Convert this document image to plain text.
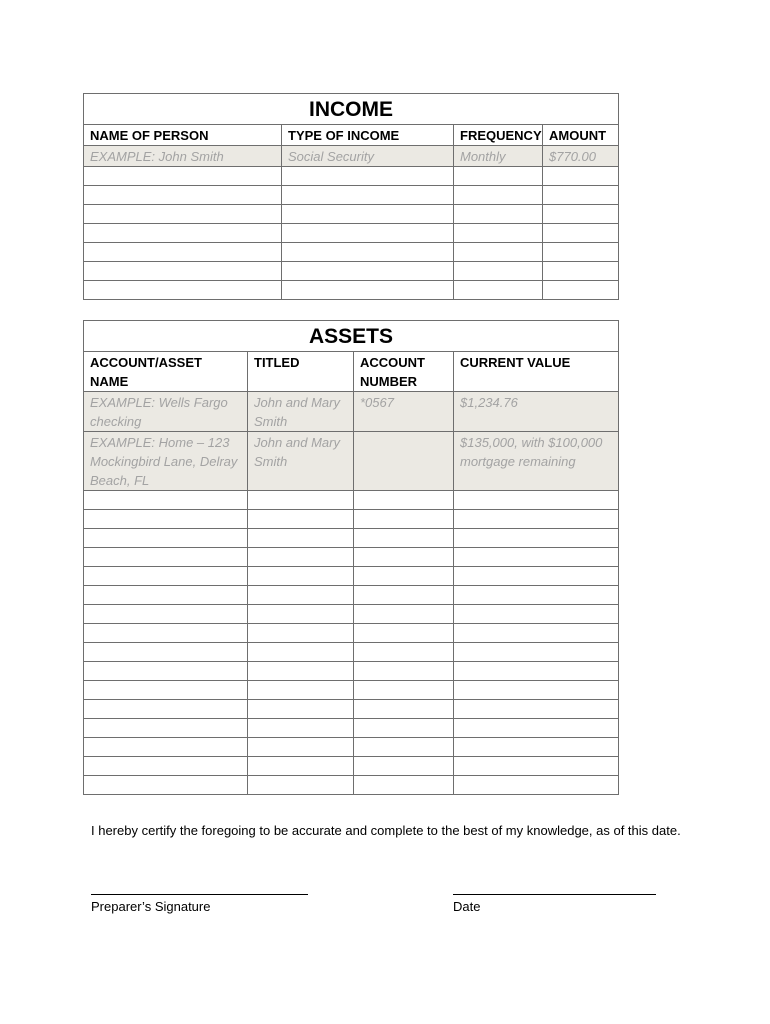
INCOME			
NAME OF PERSON	TYPE OF INCOME	FREQUENCY	AMOUNT
EXAMPLE: John Smith	Social Security	Monthly	$770.00

ASSETS			
ACCOUNT/ASSET NAME	TITLED	ACCOUNT NUMBER	CURRENT VALUE
EXAMPLE: Wells Fargo checking	John and Mary Smith	*0567	$1,234.76
EXAMPLE: Home – 123 Mockingbird Lane, Delray Beach, FL	John and Mary Smith		$135,000, with $100,000 mortgage remaining

I hereby certify the foregoing to be accurate and complete to the best of my knowledge, as of this date.
Preparer’s Signature	Date
